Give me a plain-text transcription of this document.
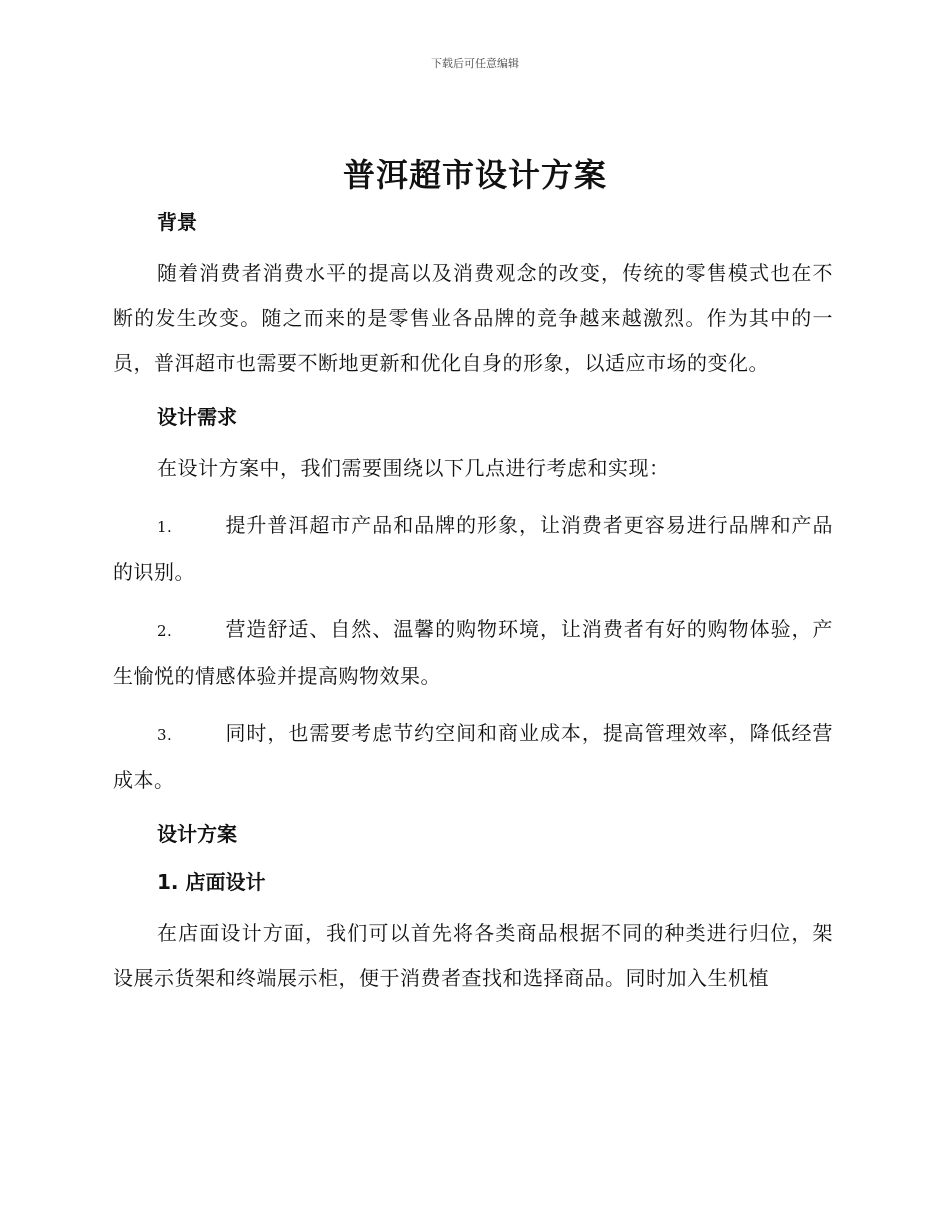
下载后可任意编辑
普洱超市设计方案
背景

随着消费者消费水平的提高以及消费观念的改变，传统的零售模式也在不断的发生改变。随之而来的是零售业各品牌的竞争越来越激烈。作为其中的一员，普洱超市也需要不断地更新和优化自身的形象，以适应市场的变化。

设计需求

在设计方案中，我们需要围绕以下几点进行考虑和实现：

1.	提升普洱超市产品和品牌的形象，让消费者更容易进行品牌和产品的识别。

2.	营造舒适、自然、温馨的购物环境，让消费者有好的购物体验，产生愉悦的情感体验并提高购物效果。

3.	同时，也需要考虑节约空间和商业成本，提高管理效率，降低经营成本。

设计方案
1. 店面设计

在店面设计方面，我们可以首先将各类商品根据不同的种类进行归位，架设展示货架和终端展示柜，便于消费者查找和选择商品。同时加入生机植
